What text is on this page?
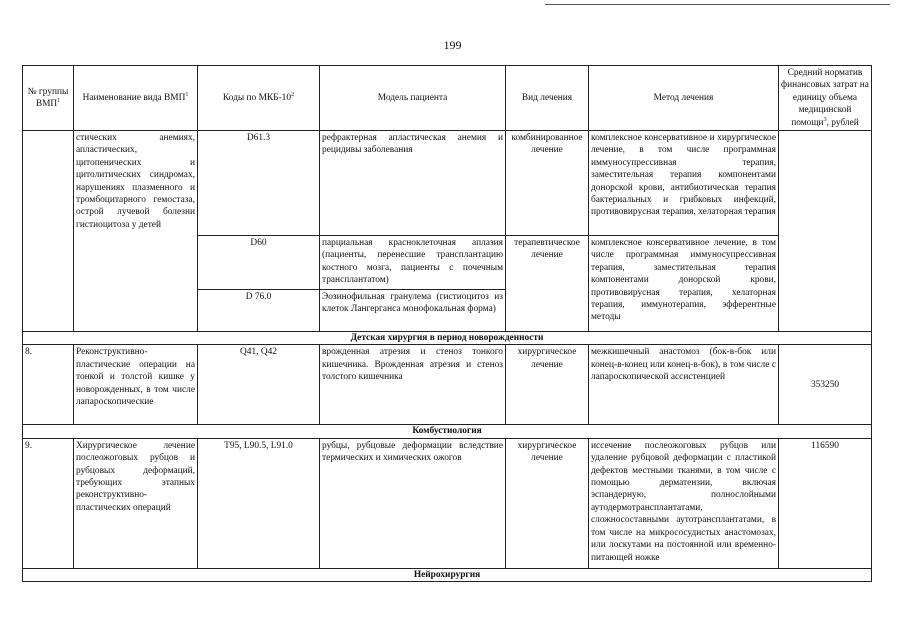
199
№ группы ВМП$^1$	Наименование вида ВМП$^1$	Коды по МКБ-$10^2$	Модель пациента	Вид лечения	Метод лечения	Средний норматив финансовых затрат на единицу объема медицинской помощи$^3$, рублей
	стических анемиях, апластических, цитопенических и цитолитических синдромах, нарушениях плазменного и тромбоцитарного гемостаза, острой лучевой болезни гистиоцитоза у детей	D61.3	рефрактерная апластическая анемия и рецидивы заболевания	комбинированное лечение	комплексное консервативное и хирургическое лечение, в том числе программная иммуносупрессивная терапия, заместительная терапия компонентами донорской крови, антибиотическая терапия бактериальных и грибковых инфекций, противовирусная терапия, хелаторная терапия	
		D60	парциальная красноклеточная аплазия (пациенты, перенесшие трансплантацию костного мозга, пациенты с почечным трансплантатом)	терапевтическое лечение	комплексное консервативное лечение, в том числе программная иммуносупрессивная терапия, заместительная терапия компонентами донорской крови, противовирусная терапия, хелаторная терапия, иммунотерапия, эфферентные методы	
		D 76.0	Эозинофильная гранулема (гистиоцитоз из клеток Лангерганса монофокальная форма)			
Детская хирургия в период новорожденности						
8.	Реконструктивно-пластические операции на тонкой и толстой кишке у новорожденных, в том числе лапароскопические	Q41, Q42	врожденная атрезия и стеноз тонкого кишечника. Врожденная атрезия и стеноз толстого кишечника	хирургическое лечение	межкишечный анастомоз (бок-в-бок или конец-в-конец или конец-в-бок), в том числе с лапароскопической ассистенцией	353250
Комбустиология						
9.	Хирургическое лечение послеожоговых рубцов и рубцовых деформаций, требующих этапных реконструктивно-пластических операций	T95, L90.5, L91.0	рубцы, рубцовые деформации вследствие термических и химических ожогов	хирургическое лечение	иссечение послеожоговых рубцов или удаление рубцовой деформации с пластикой дефектов местными тканями, в том числе с помощью дерматензии, включая эспандерную, полнослойными аутодермотрансплантатами, сложносоставными аутотрансплантатами, в том числе на микрососудистых анастомозах, или лоскутами на постоянной или временно-питающей ножке	116590
Нейрохирургия						
